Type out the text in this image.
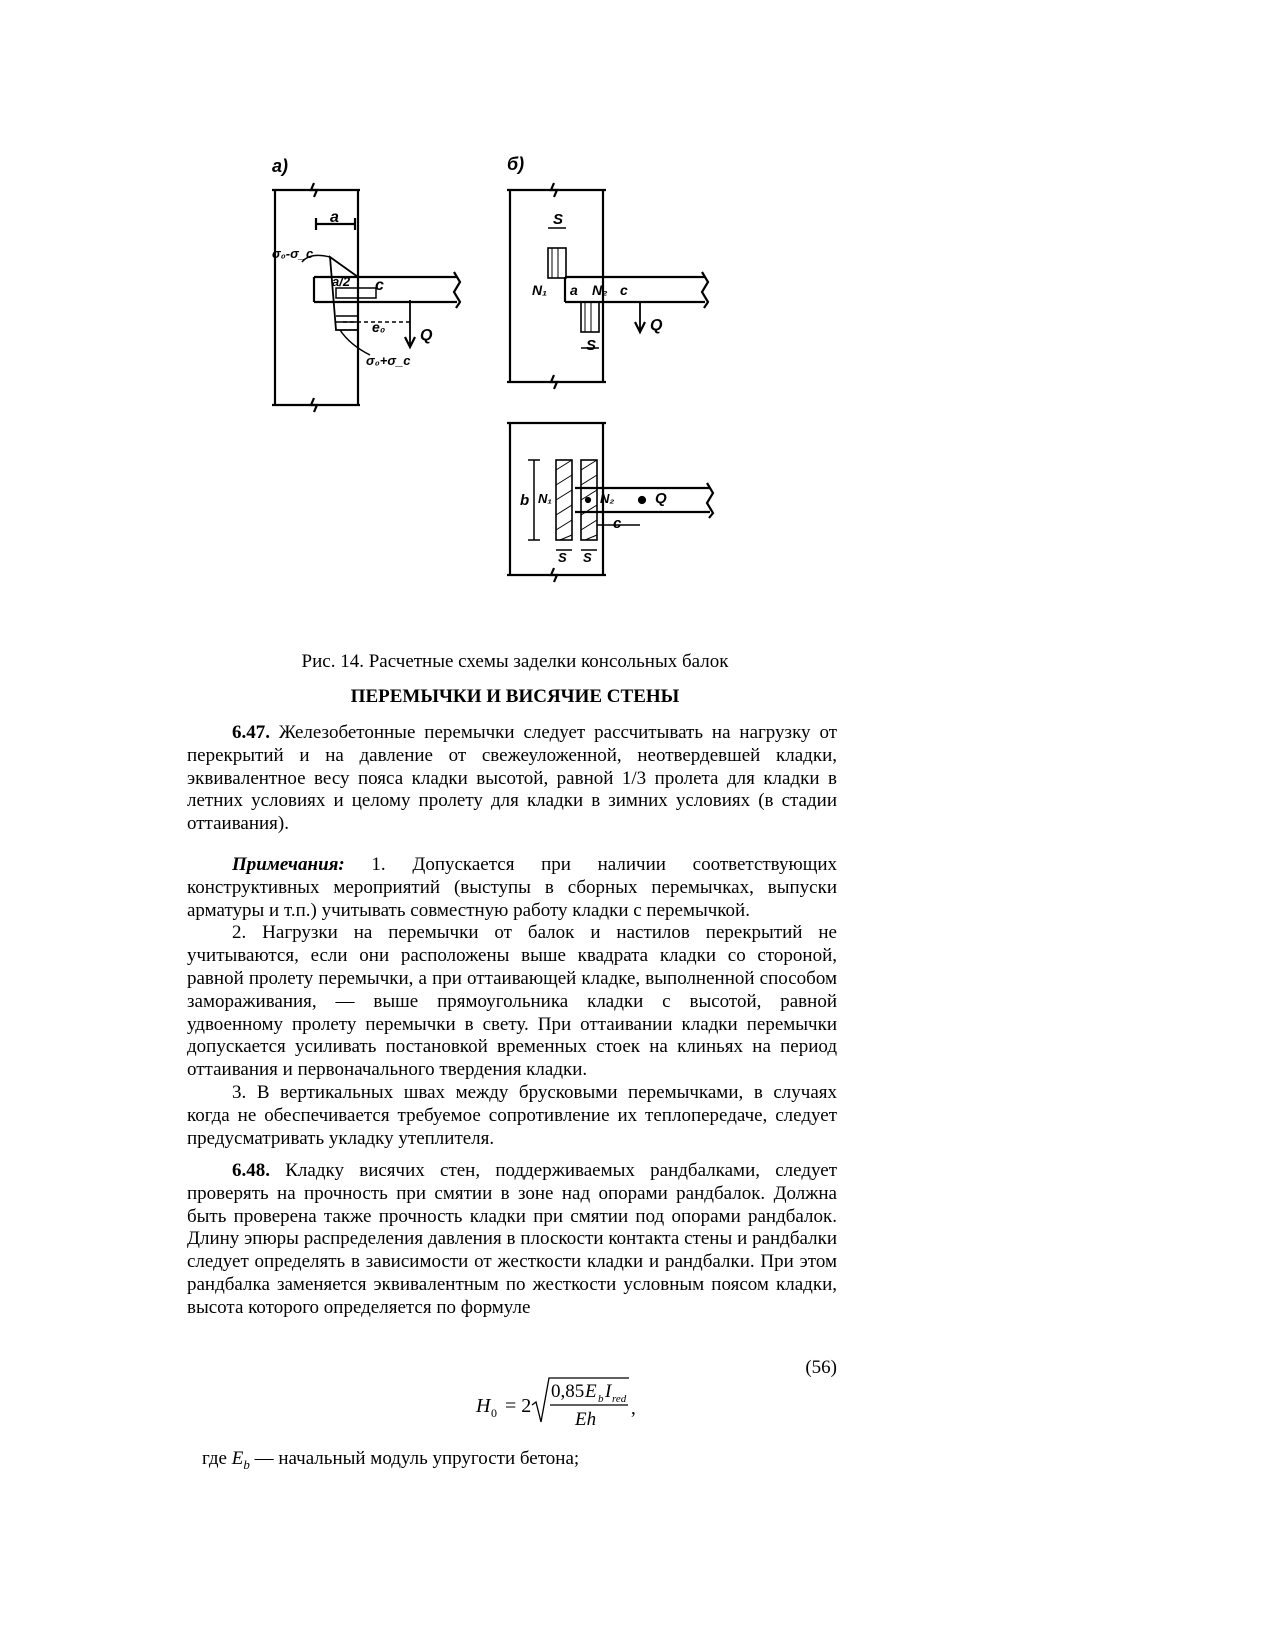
а)	б)
a
c
a/2
Q
e₀
σ₀-σ_c
σ₀+σ_c
S
N₁ a N₂ c
Q
S
b N₁	N₂	Q
c
S S
Рис. 14. Расчетные схемы заделки консольных балок
ПЕРЕМЫЧКИ И ВИСЯЧИЕ СТЕНЫ

6.47. Железобетонные перемычки следует рассчитывать на нагрузку от перекрытий и на давление от свежеуложенной, неотвердевшей кладки, эквивалентное весу пояса кладки высотой, равной 1/3 пролета для кладки в летних условиях и целому пролету для кладки в зимних условиях (в стадии оттаивания).

Примечания: 1. Допускается при наличии соответствующих конструктивных мероприятий (выступы в сборных перемычках, выпуски арматуры и т.п.) учитывать совместную работу кладки с перемычкой.

2. Нагрузки на перемычки от балок и настилов перекрытий не учитываются, если они расположены выше квадрата кладки со стороной, равной пролету перемычки, а при оттаивающей кладке, выполненной способом замораживания, — выше прямоугольника кладки с высотой, равной удвоенному пролету перемычки в свету. При оттаивании кладки перемычки допускается усиливать постановкой временных стоек на клиньях на период оттаивания и первоначального твердения кладки.

3. В вертикальных швах между брусковыми перемычками, в случаях когда не обеспечивается требуемое сопротивление их теплопередаче, следует предусматривать укладку утеплителя.

6.48. Кладку висячих стен, поддерживаемых рандбалками, следует проверять на прочность при смятии в зоне над опорами рандбалок. Должна быть проверена также прочность кладки при смятии под опорами рандбалок. Длину эпюры распределения давления в плоскости контакта стены и рандбалки следует определять в зависимости от жесткости кладки и рандбалки. При этом рандбалка заменяется эквивалентным по жесткости условным поясом кладки, высота которого определяется по формуле

(56)
H 0 = 2
0,85 E b I red
Eh
,
где $E_b$ — начальный модуль упругости бетона;
